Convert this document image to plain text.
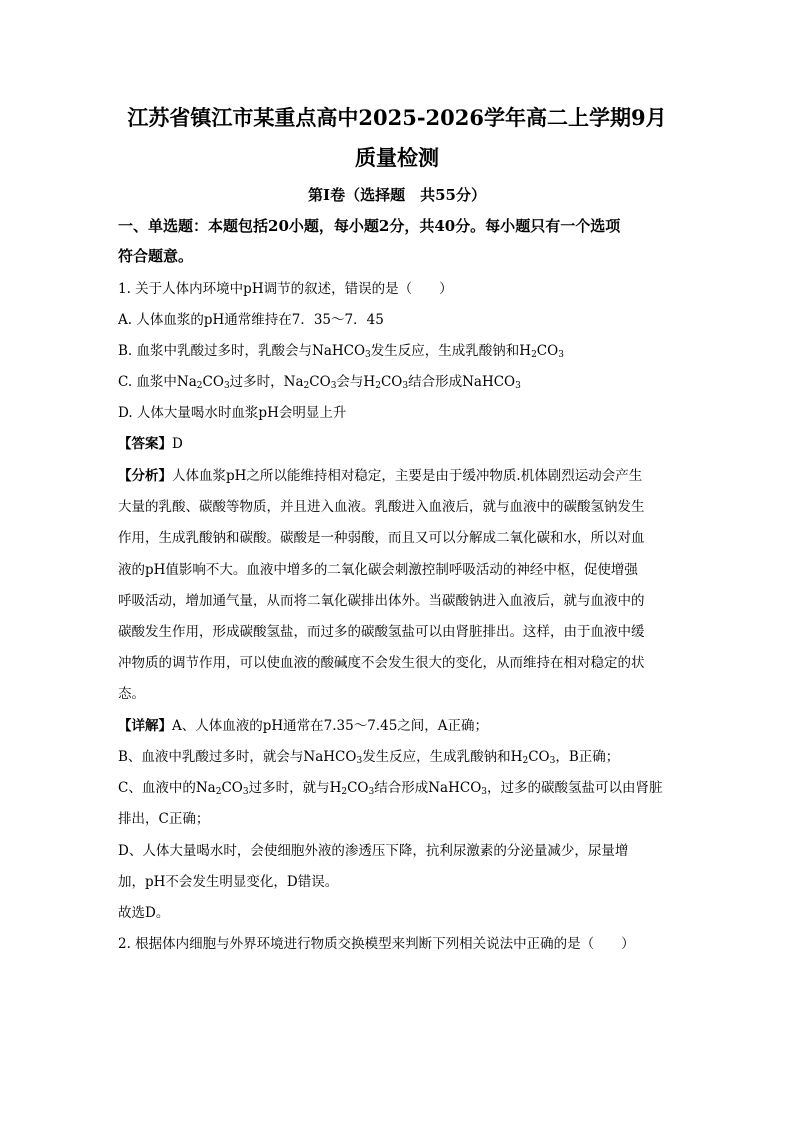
江苏省镇江市某重点高中2025-2026学年高二上学期9月
质量检测
第Ⅰ卷（选择题　共55分）
一、单选题：本题包括20小题，每小题2分，共40分。每小题只有一个选项
符合题意。
1. 关于人体内环境中pH调节的叙述，错误的是（　　）
A. 人体血浆的pH通常维持在7．35～7．45
B. 血浆中乳酸过多时，乳酸会与NaHCO$_3$发生反应，生成乳酸钠和$H_2CO_3$
C. 血浆中$Na_2CO_3$过多时，$Na_2CO_3$会与$H_2CO_3$结合形成NaHCO$_3$
D. 人体大量喝水时血浆pH会明显上升
【答案】D
【分析】人体血浆pH之所以能维持相对稳定，主要是由于缓冲物质.机体剧烈运动会产生
大量的乳酸、碳酸等物质，并且进入血液。乳酸进入血液后，就与血液中的碳酸氢钠发生
作用，生成乳酸钠和碳酸。碳酸是一种弱酸，而且又可以分解成二氧化碳和水，所以对血
液的pH值影响不大。血液中增多的二氧化碳会刺激控制呼吸活动的神经中枢，促使增强
呼吸活动，增加通气量，从而将二氧化碳排出体外。当碳酸钠进入血液后，就与血液中的
碳酸发生作用，形成碳酸氢盐，而过多的碳酸氢盐可以由肾脏排出。这样，由于血液中缓
冲物质的调节作用，可以使血液的酸碱度不会发生很大的变化，从而维持在相对稳定的状
态。
【详解】A、人体血液的pH通常在7.35～7.45之间，A正确；
B、血液中乳酸过多时，就会与NaHCO$_3$发生反应，生成乳酸钠和$H_2CO_3$，B正确；
C、血液中的$Na_2CO_3$过多时，就与$H_2CO_3$结合形成NaHCO$_3$，过多的碳酸氢盐可以由肾脏
排出，C正确；
D、人体大量喝水时，会使细胞外液的渗透压下降，抗利尿激素的分泌量减少，尿量增
加，pH不会发生明显变化，D错误。
故选D。
2. 根据体内细胞与外界环境进行物质交换模型来判断下列相关说法中正确的是（　　）
